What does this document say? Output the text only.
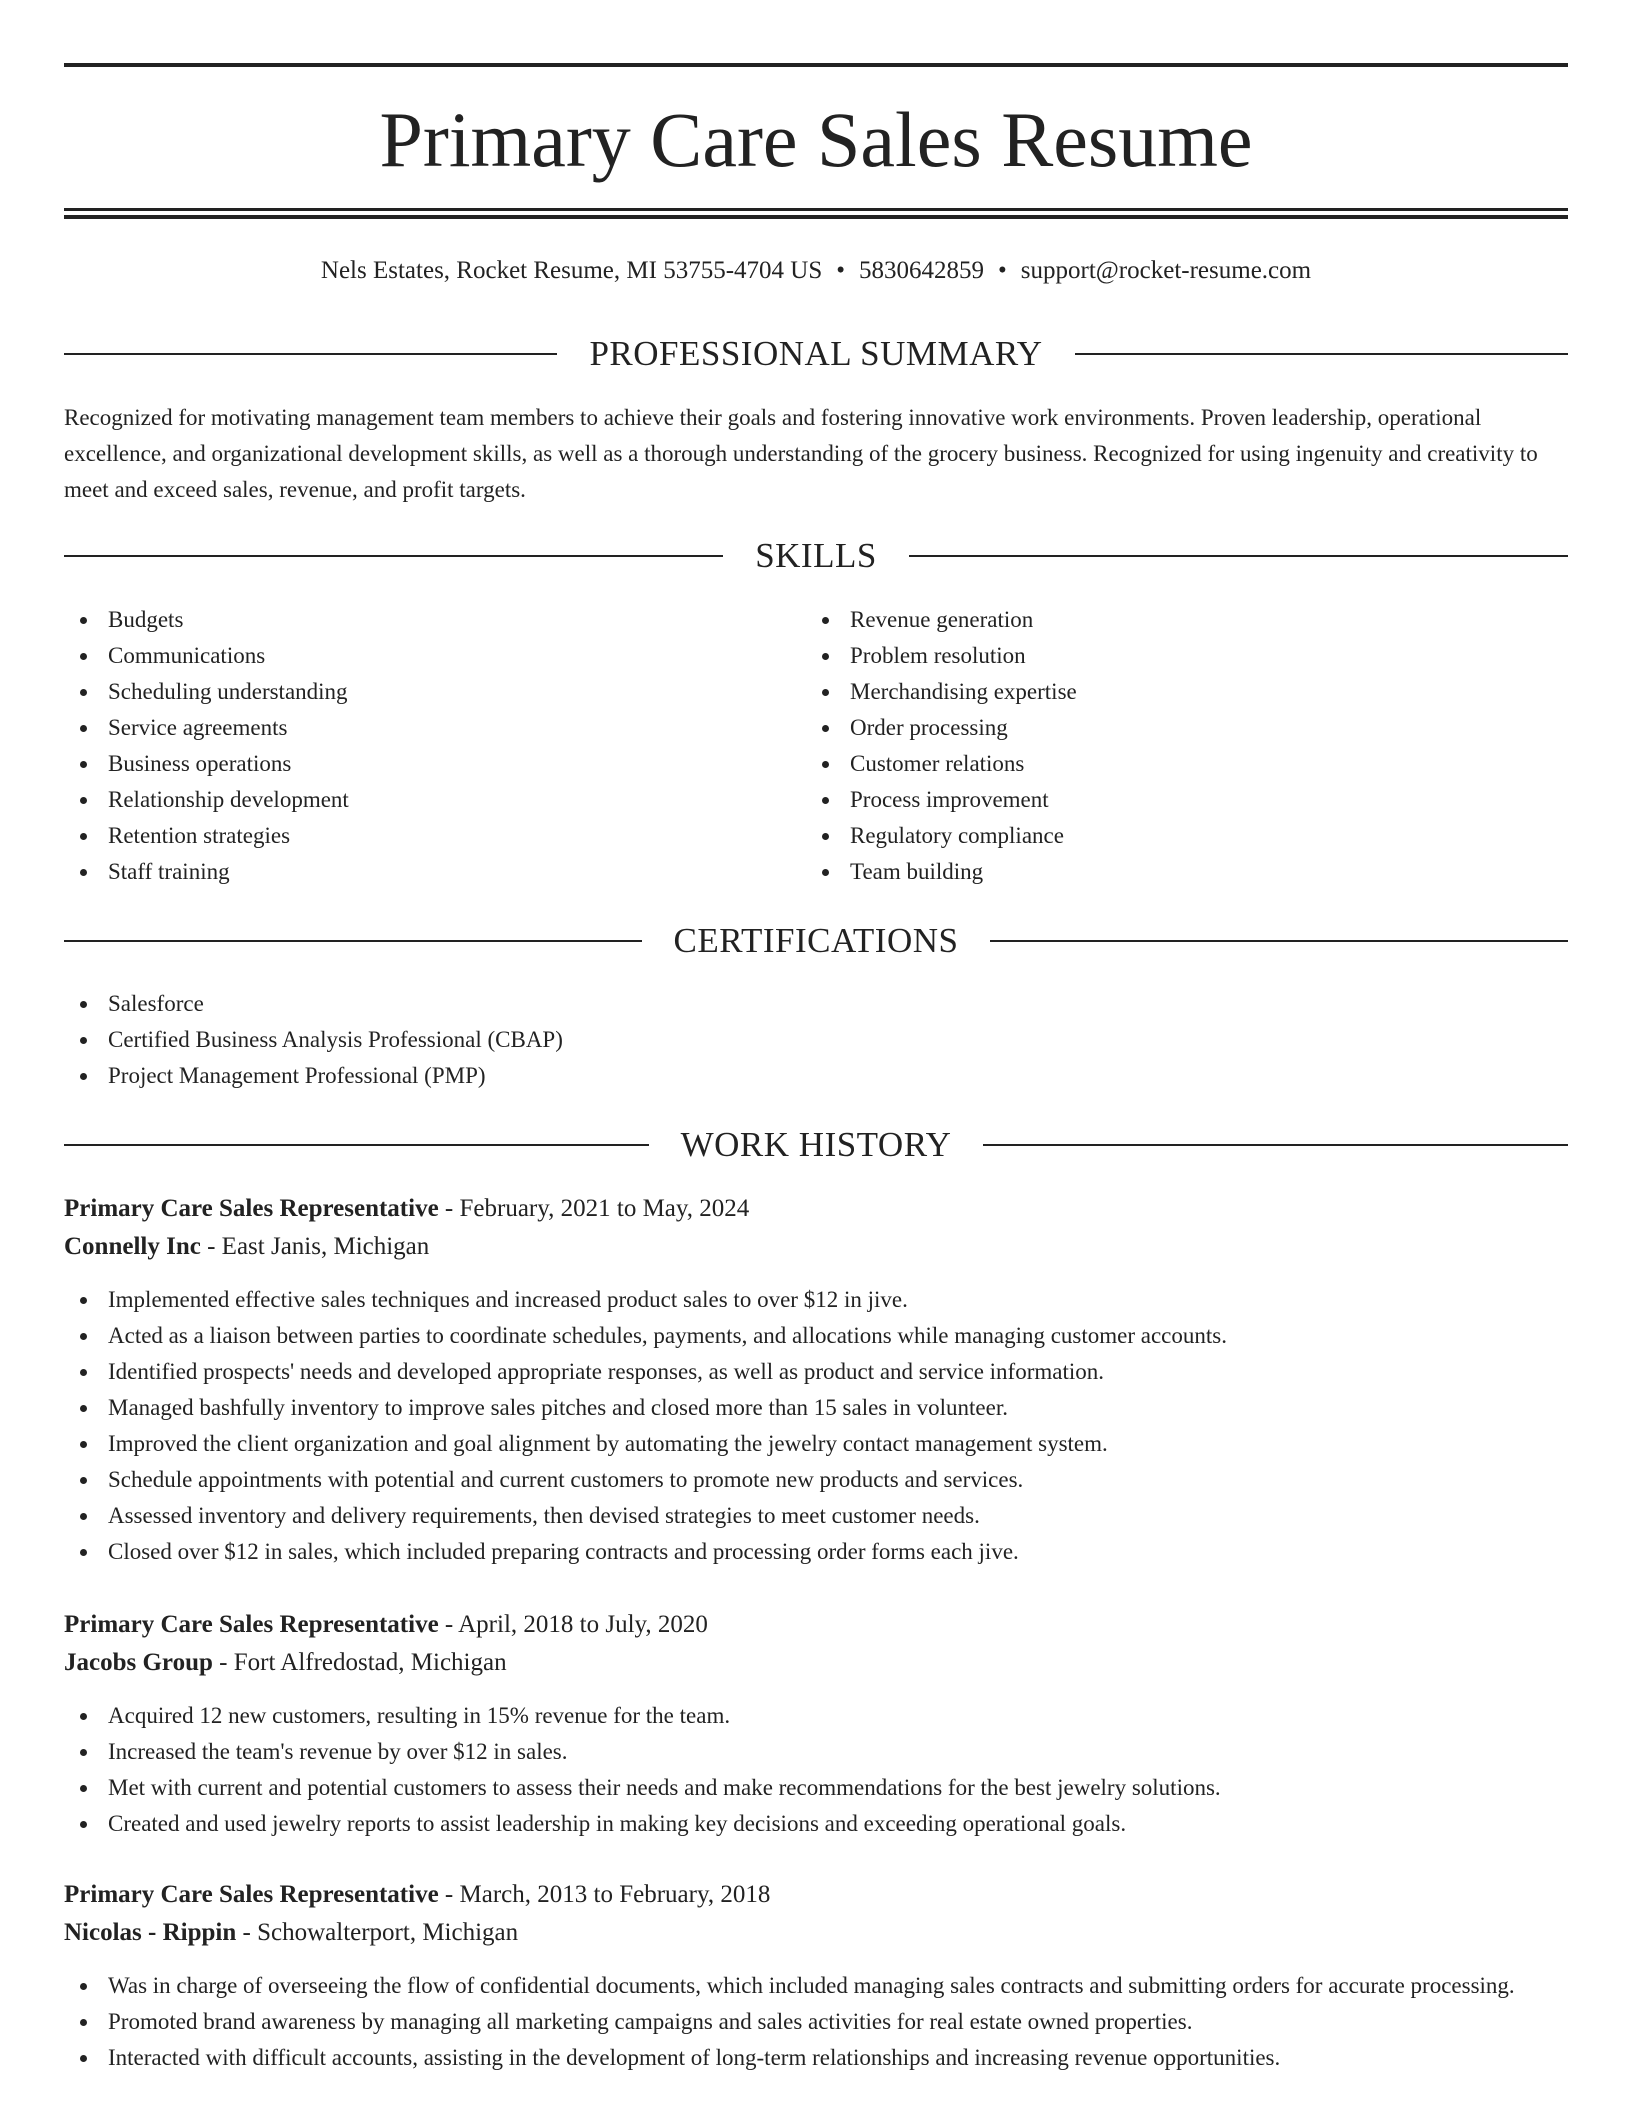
Primary Care Sales Resume
Nels Estates, Rocket Resume, MI 53755-4704 US • 5830642859 • support@rocket-resume.com
PROFESSIONAL SUMMARY

Recognized for motivating management team members to achieve their goals and fostering innovative work environments. Proven leadership, operational excellence, and organizational development skills, as well as a thorough understanding of the grocery business. Recognized for using ingenuity and creativity to meet and exceed sales, revenue, and profit targets.

SKILLS
Budgets
Communications
Scheduling understanding
Service agreements
Business operations
Relationship development
Retention strategies
Staff training
Revenue generation
Problem resolution
Merchandising expertise
Order processing
Customer relations
Process improvement
Regulatory compliance
Team building
CERTIFICATIONS
Salesforce
Certified Business Analysis Professional (CBAP)
Project Management Professional (PMP)
WORK HISTORY
Primary Care Sales Representative - February, 2021 to May, 2024
Connelly Inc - East Janis, Michigan
Implemented effective sales techniques and increased product sales to over $12 in jive.
Acted as a liaison between parties to coordinate schedules, payments, and allocations while managing customer accounts.
Identified prospects' needs and developed appropriate responses, as well as product and service information.
Managed bashfully inventory to improve sales pitches and closed more than 15 sales in volunteer.
Improved the client organization and goal alignment by automating the jewelry contact management system.
Schedule appointments with potential and current customers to promote new products and services.
Assessed inventory and delivery requirements, then devised strategies to meet customer needs.
Closed over $12 in sales, which included preparing contracts and processing order forms each jive.
Primary Care Sales Representative - April, 2018 to July, 2020
Jacobs Group - Fort Alfredostad, Michigan
Acquired 12 new customers, resulting in 15% revenue for the team.
Increased the team's revenue by over $12 in sales.
Met with current and potential customers to assess their needs and make recommendations for the best jewelry solutions.
Created and used jewelry reports to assist leadership in making key decisions and exceeding operational goals.
Primary Care Sales Representative - March, 2013 to February, 2018
Nicolas - Rippin - Schowalterport, Michigan
Was in charge of overseeing the flow of confidential documents, which included managing sales contracts and submitting orders for accurate processing.
Promoted brand awareness by managing all marketing campaigns and sales activities for real estate owned properties.
Interacted with difficult accounts, assisting in the development of long-term relationships and increasing revenue opportunities.
